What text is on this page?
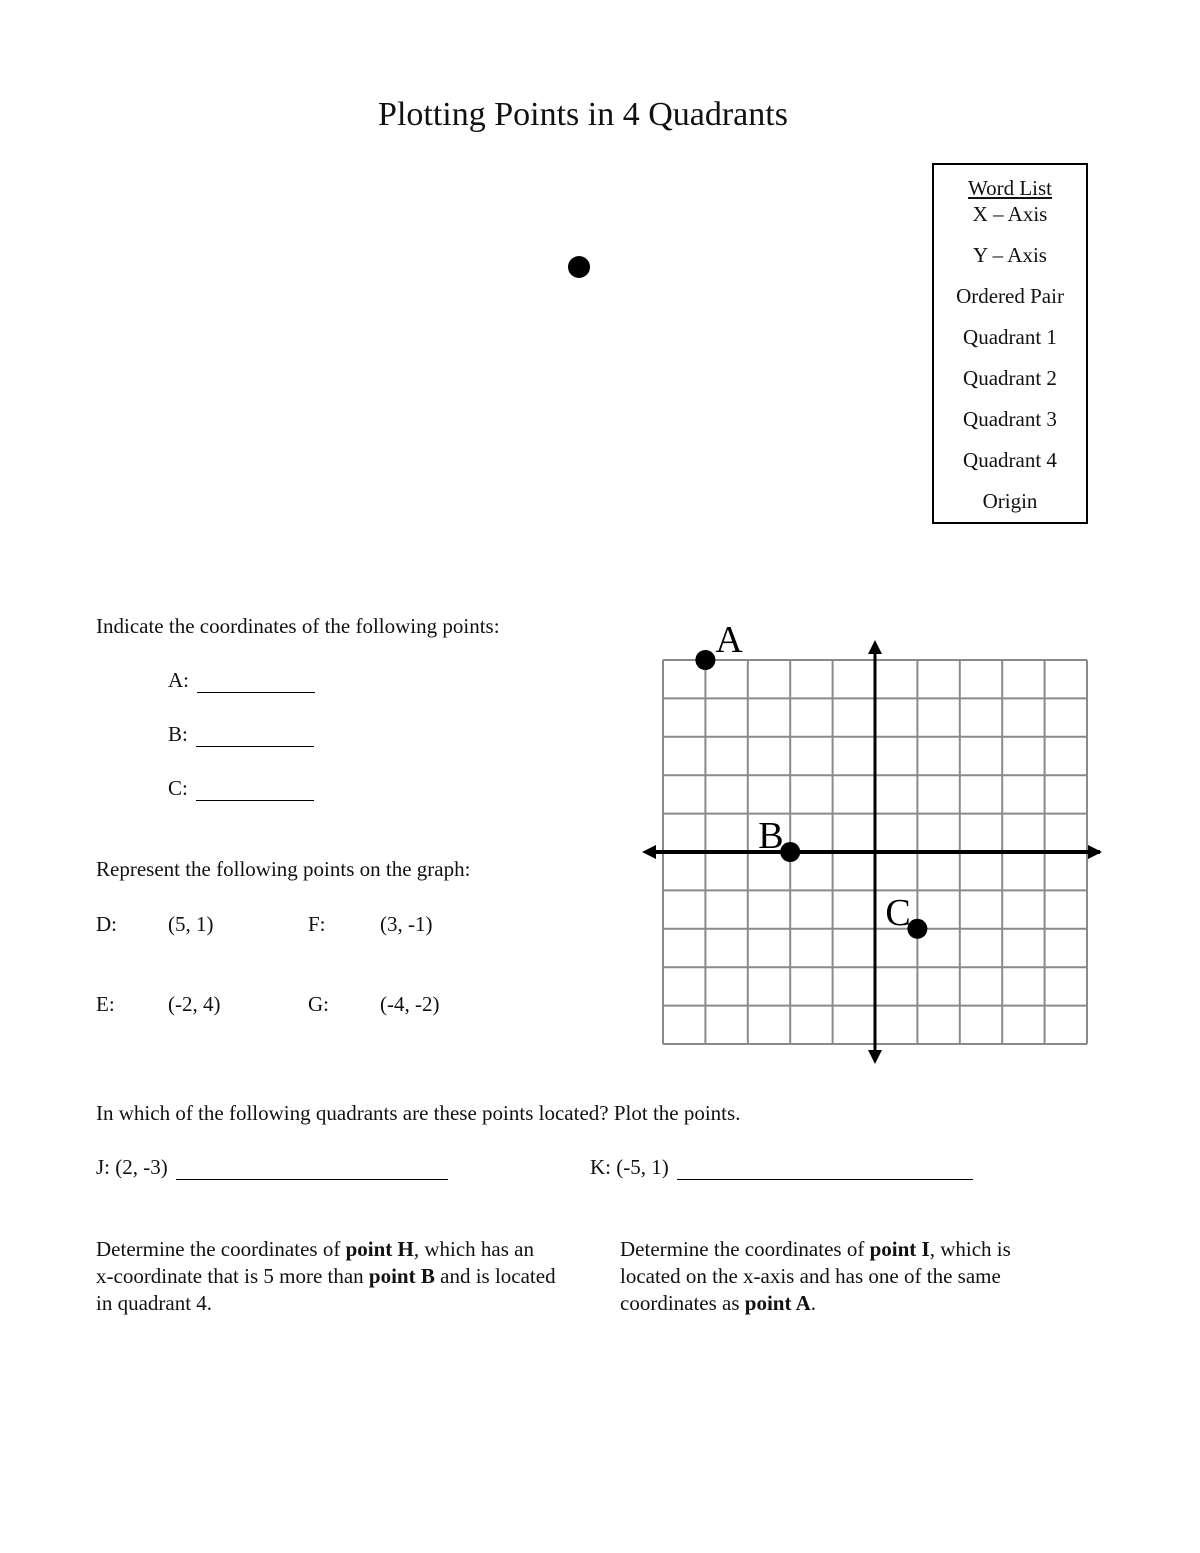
Plotting Points in 4 Quadrants
Word List
X – Axis
Y – Axis
Ordered Pair
Quadrant 1
Quadrant 2
Quadrant 3
Quadrant 4
Origin
Indicate the coordinates of the following points:
A:
B:
C:
Represent the following points on the graph:
D: (5, 1)	F:	(3, -1)
E:	(-2, 4)	G: (-4, -2)
A
B
C
In which of the following quadrants are these points located? Plot the points.
J: (2, -3)	K: (-5, 1)
Determine the coordinates of point H, which has an x-coordinate that is 5 more than point B and is located in quadrant 4.
Determine the coordinates of point I, which is located on the x-axis and has one of the same coordinates as point A.
